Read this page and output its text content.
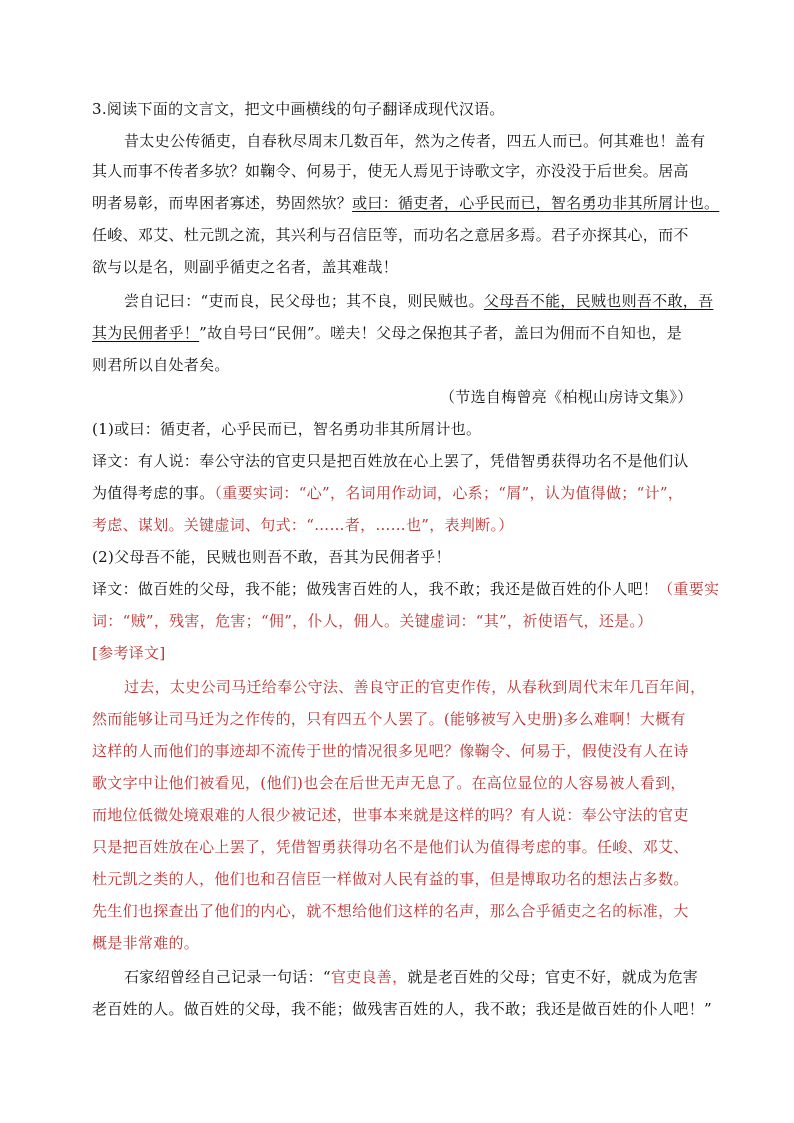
3.阅读下面的文言文，把文中画横线的句子翻译成现代汉语。
昔太史公传循吏，自春秋尽周末几数百年，然为之传者，四五人而已。何其难也！盖有
其人而事不传者多欤？如鞠令、何易于，使无人焉见于诗歌文字，亦没没于后世矣。居高
明者易彰，而卑困者寡述，势固然欤？或曰：循吏者，心乎民而已，智名勇功非其所屑计也。
任峻、邓艾、杜元凯之流，其兴利与召信臣等，而功名之意居多焉。君子亦探其心，而不
欲与以是名，则副乎循吏之名者，盖其难哉！
尝自记曰：“吏而良，民父母也；其不良，则民贼也。父母吾不能，民贼也则吾不敢，吾
其为民佣者乎！”故自号曰“民佣”。嗟夫！父母之保抱其子者，盖曰为佣而不自知也，是
则君所以自处者矣。
（节选自梅曾亮《柏枧山房诗文集》）
(1)或曰：循吏者，心乎民而已，智名勇功非其所屑计也。
译文：有人说：奉公守法的官吏只是把百姓放在心上罢了，凭借智勇获得功名不是他们认
为值得考虑的事。（重要实词：“心”，名词用作动词，心系；“屑”，认为值得做；“计”，
考虑、谋划。关键虚词、句式：“……者，……也”，表判断。）
(2)父母吾不能，民贼也则吾不敢，吾其为民佣者乎！
译文：做百姓的父母，我不能；做残害百姓的人，我不敢；我还是做百姓的仆人吧！（重要实
词：“贼”，残害，危害；“佣”，仆人，佣人。关键虚词：“其”，祈使语气，还是。）
[参考译文]
过去，太史公司马迁给奉公守法、善良守正的官吏作传，从春秋到周代末年几百年间，
然而能够让司马迁为之作传的，只有四五个人罢了。(能够被写入史册)多么难啊！大概有
这样的人而他们的事迹却不流传于世的情况很多见吧？像鞠令、何易于，假使没有人在诗
歌文字中让他们被看见，(他们)也会在后世无声无息了。在高位显位的人容易被人看到，
而地位低微处境艰难的人很少被记述，世事本来就是这样的吗？有人说：奉公守法的官吏
只是把百姓放在心上罢了，凭借智勇获得功名不是他们认为值得考虑的事。任峻、邓艾、
杜元凯之类的人，他们也和召信臣一样做对人民有益的事，但是博取功名的想法占多数。
先生们也探查出了他们的内心，就不想给他们这样的名声，那么合乎循吏之名的标准，大
概是非常难的。
石家绍曾经自己记录一句话：“官吏良善，就是老百姓的父母；官吏不好，就成为危害
老百姓的人。做百姓的父母，我不能；做残害百姓的人，我不敢；我还是做百姓的仆人吧！”
